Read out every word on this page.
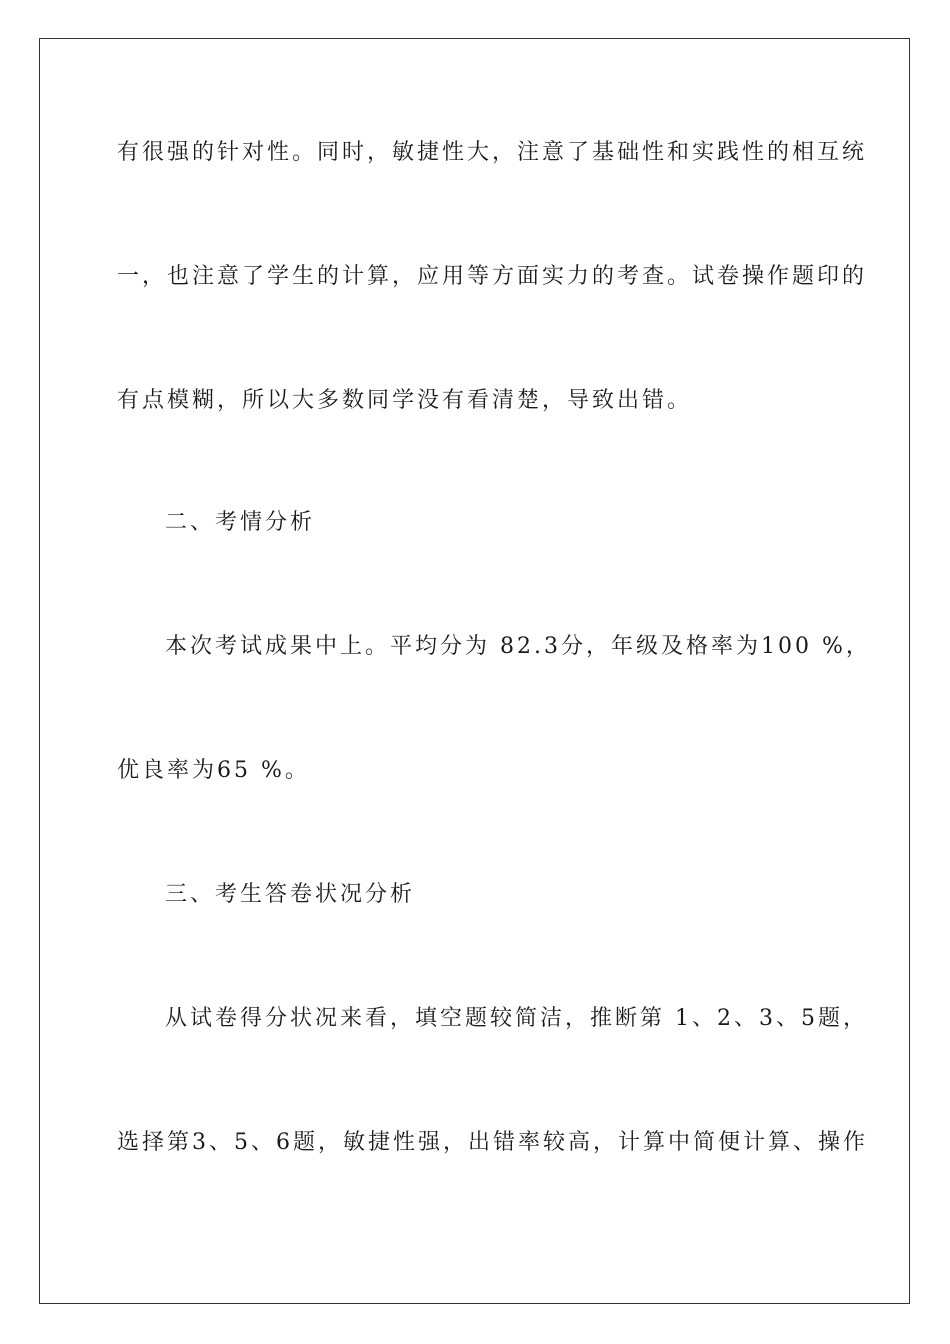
有很强的针对性。同时，敏捷性大，注意了基础性和实践性的相互统
一，也注意了学生的计算，应用等方面实力的考查。试卷操作题印的
有点模糊，所以大多数同学没有看清楚，导致出错。
二、考情分析
本次考试成果中上。平均分为 82.3分，年级及格率为100 %，
优良率为65 %。
三、考生答卷状况分析
从试卷得分状况来看，填空题较简洁，推断第 1、2、3、5题，
选择第3、5、6题，敏捷性强，出错率较高，计算中简便计算、操作
